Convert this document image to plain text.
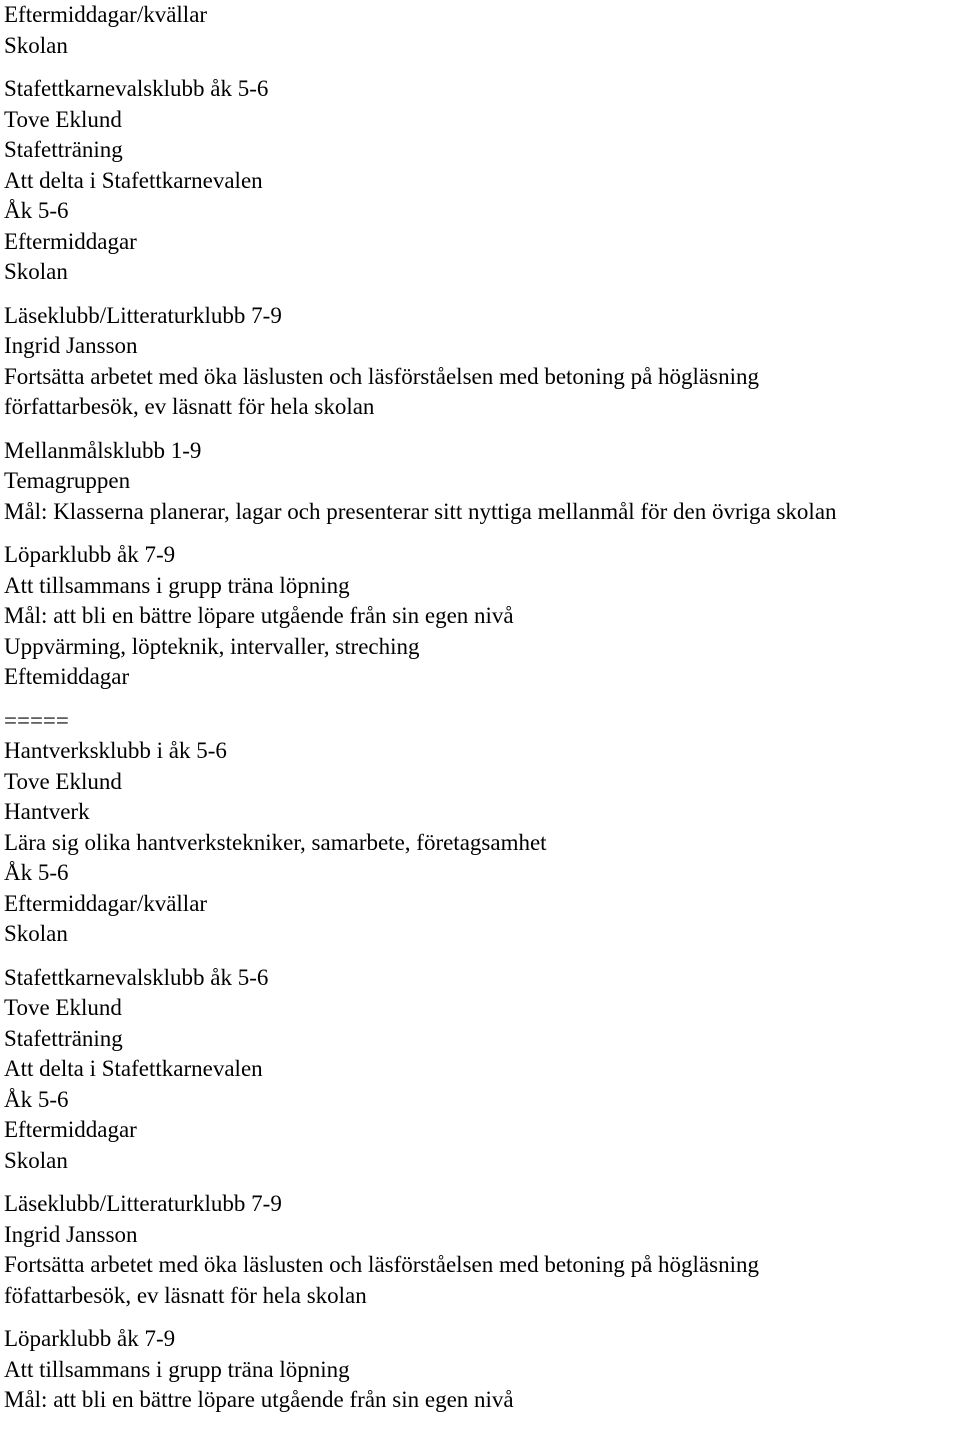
Eftermiddagar/kvällar
Skolan
Stafettkarnevalsklubb åk 5-6
Tove Eklund
Stafetträning
Att delta i Stafettkarnevalen
Åk 5-6
Eftermiddagar
Skolan
Läseklubb/Litteraturklubb 7-9
Ingrid Jansson
Fortsätta arbetet med öka läslusten och läsförståelsen med betoning på högläsning
författarbesök, ev läsnatt för hela skolan
Mellanmålsklubb 1-9
Temagruppen
Mål: Klasserna planerar, lagar och presenterar sitt nyttiga mellanmål för den övriga skolan
Löparklubb åk 7-9
Att tillsammans i grupp träna löpning
Mål: att bli en bättre löpare utgående från sin egen nivå
Uppvärming, löpteknik, intervaller, streching
Eftemiddagar
=====
Hantverksklubb i åk 5-6
Tove Eklund
Hantverk
Lära sig olika hantverkstekniker, samarbete, företagsamhet
Åk 5-6
Eftermiddagar/kvällar
Skolan
Stafettkarnevalsklubb åk 5-6
Tove Eklund
Stafetträning
Att delta i Stafettkarnevalen
Åk 5-6
Eftermiddagar
Skolan
Läseklubb/Litteraturklubb 7-9
Ingrid Jansson
Fortsätta arbetet med öka läslusten och läsförståelsen med betoning på högläsning
föfattarbesök, ev läsnatt för hela skolan
Löparklubb åk 7-9
Att tillsammans i grupp träna löpning
Mål: att bli en bättre löpare utgående från sin egen nivå
